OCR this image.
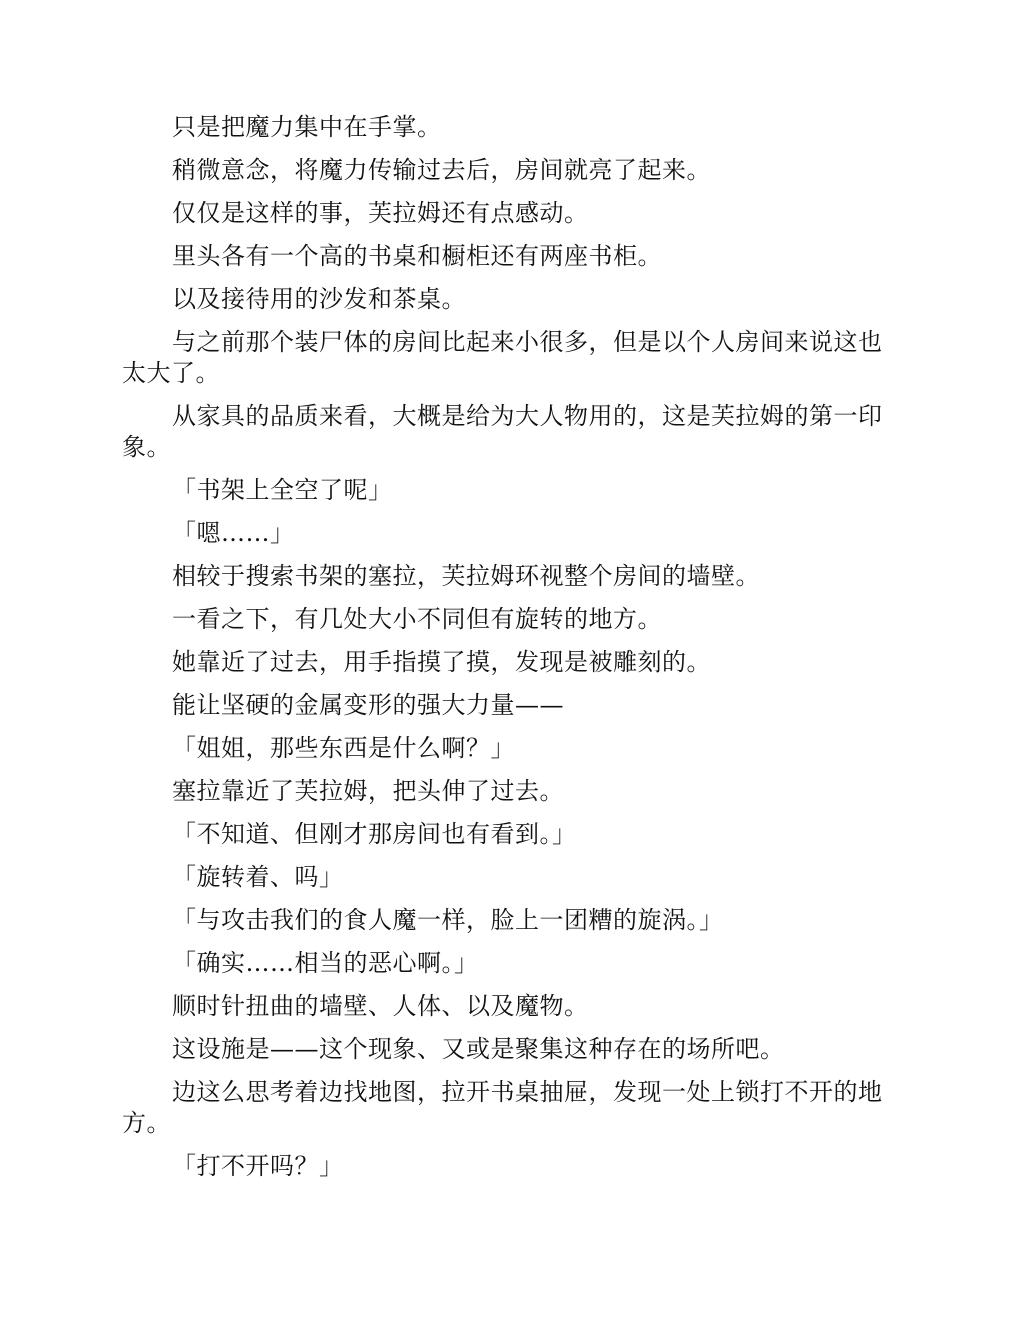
只是把魔力集中在手掌。

稍微意念，将魔力传输过去后，房间就亮了起来。

仅仅是这样的事，芙拉姆还有点感动。

里头各有一个高的书桌和橱柜还有两座书柜。

以及接待用的沙发和茶桌。

与之前那个装尸体的房间比起来小很多，但是以个人房间来说这也太大了。

从家具的品质来看，大概是给为大人物用的，这是芙拉姆的第一印象。

「书架上全空了呢」

「嗯……」

相较于搜索书架的塞拉，芙拉姆环视整个房间的墙壁。

一看之下，有几处大小不同但有旋转的地方。

她靠近了过去，用手指摸了摸，发现是被雕刻的。

能让坚硬的金属变形的强大力量——

「姐姐，那些东西是什么啊？」

塞拉靠近了芙拉姆，把头伸了过去。

「不知道、但刚才那房间也有看到。」

「旋转着、吗」

「与攻击我们的食人魔一样，脸上一团糟的旋涡。」

「确实……相当的恶心啊。」

顺时针扭曲的墙壁、人体、以及魔物。

这设施是——这个现象、又或是聚集这种存在的场所吧。

边这么思考着边找地图，拉开书桌抽屉，发现一处上锁打不开的地方。

「打不开吗？」
